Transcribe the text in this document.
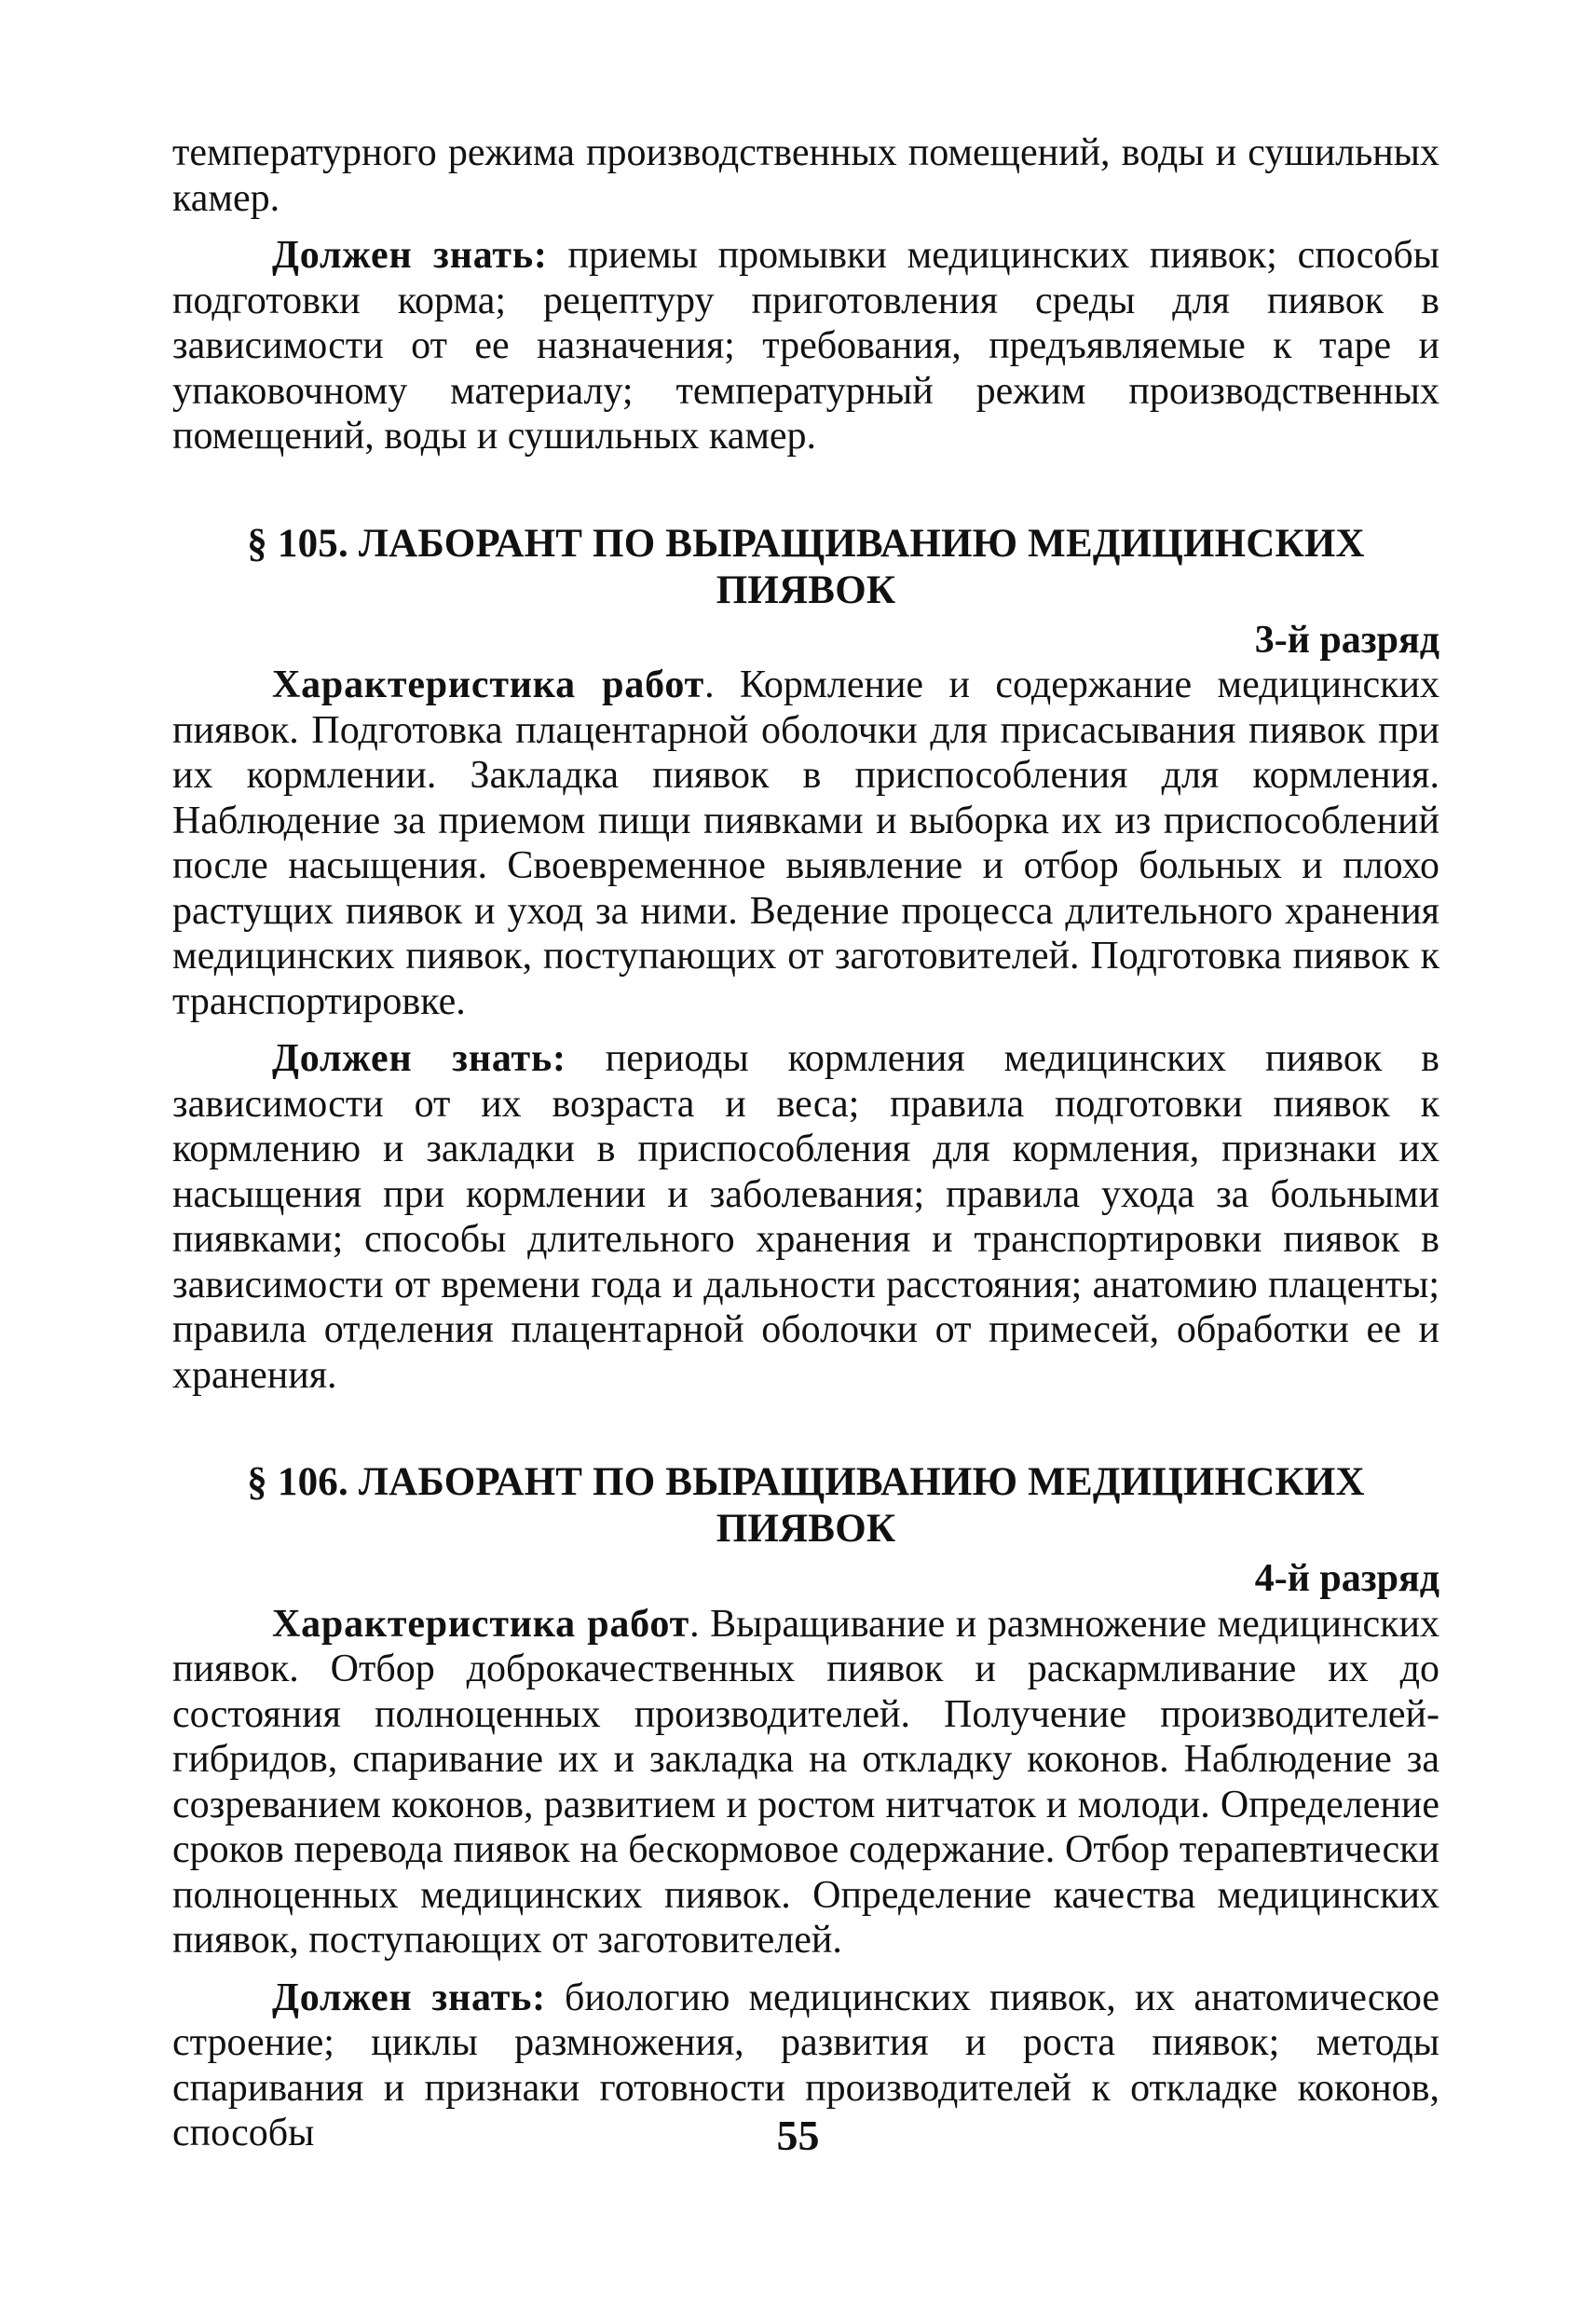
температурного режима производственных помещений, воды и сушильных камер.

Должен знать: приемы промывки медицинских пиявок; способы подготовки корма; рецептуру приготовления среды для пиявок в зависимости от ее назначения; требования, предъявляемые к таре и упаковочному материалу; температурный режим производственных помещений, воды и сушильных камер.

§ 105. ЛАБОРАНТ ПО ВЫРАЩИВАНИЮ МЕДИЦИНСКИХ
ПИЯВОК
3-й разряд

Характеристика работ. Кормление и содержание медицинских пиявок. Подготовка плацентарной оболочки для присасывания пиявок при их кормлении. Закладка пиявок в приспособления для кормления. Наблюдение за приемом пищи пиявками и выборка их из приспособлений после насыщения. Своевременное выявление и отбор больных и плохо растущих пиявок и уход за ними. Ведение процесса длительного хранения медицинских пиявок, поступающих от заготовителей. Подготовка пиявок к транспортировке.

Должен знать: периоды кормления медицинских пиявок в зависимости от их возраста и веса; правила подготовки пиявок к кормлению и закладки в приспособления для кормления, признаки их насыщения при кормлении и заболевания; правила ухода за больными пиявками; способы длительного хранения и транспортировки пиявок в зависимости от времени года и дальности расстояния; анатомию плаценты; правила отделения плацентарной оболочки от примесей, обработки ее и хранения.

§ 106. ЛАБОРАНТ ПО ВЫРАЩИВАНИЮ МЕДИЦИНСКИХ
ПИЯВОК
4-й разряд

Характеристика работ. Выращивание и размножение медицинских пиявок. Отбор доброкачественных пиявок и раскармливание их до состояния полноценных производителей. Получение производителей-гибридов, спаривание их и закладка на откладку коконов. Наблюдение за созреванием коконов, развитием и ростом нитчаток и молоди. Определение сроков перевода пиявок на бескормовое содержание. Отбор терапевтически полноценных медицинских пиявок. Определение качества медицинских пиявок, поступающих от заготовителей.

Должен знать: биологию медицинских пиявок, их анатомическое строение; циклы размножения, развития и роста пиявок; методы спаривания и признаки готовности производителей к откладке коконов, способы	55
